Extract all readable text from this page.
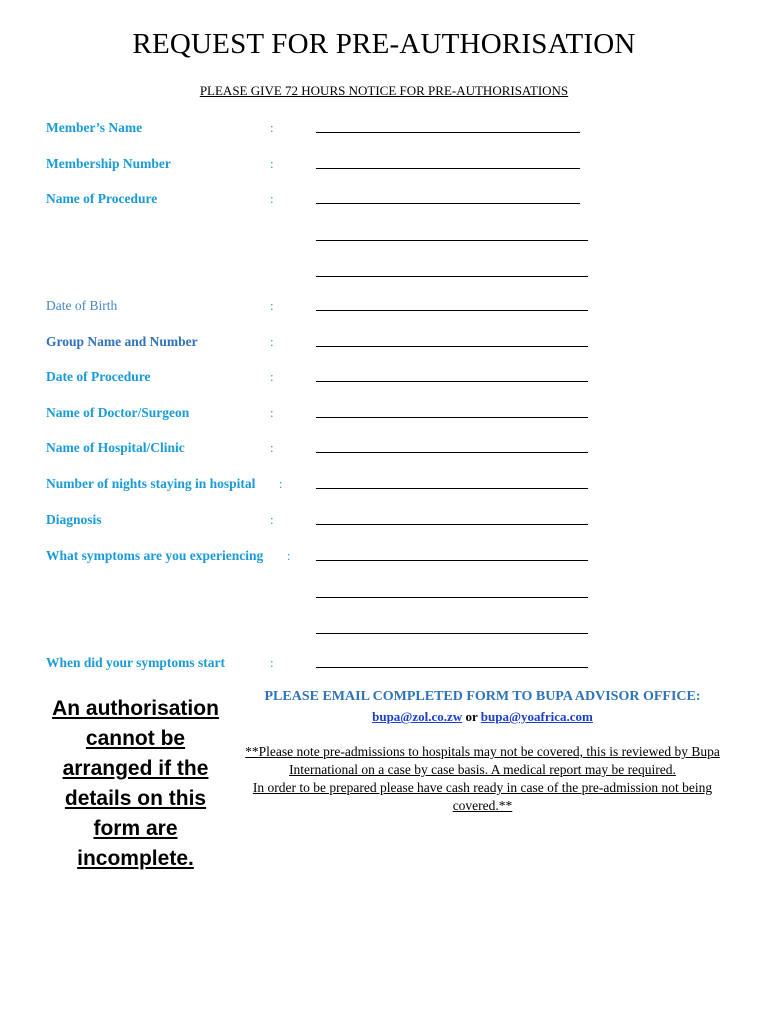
REQUEST FOR PRE-AUTHORISATION
PLEASE GIVE 72 HOURS NOTICE FOR PRE-AUTHORISATIONS
Member’s Name	:
Membership Number	:
Name of Procedure	:
Date of Birth	:
Group Name and Number	:
Date of Procedure	:
Name of Doctor/Surgeon	:
Name of Hospital/Clinic	:
Number of nights staying in hospital :
Diagnosis	:
What symptoms are you experiencing :
When did your symptoms start	:
An authorisation cannot be arranged if the details on this form are incomplete.
PLEASE EMAIL COMPLETED FORM TO BUPA ADVISOR OFFICE:
bupa@zol.co.zw or bupa@yoafrica.com
**Please note pre-admissions to hospitals may not be covered, this is reviewed by Bupa International on a case by case basis. A medical report may be required.
In order to be prepared please have cash ready in case of the pre-admission not being covered.**
